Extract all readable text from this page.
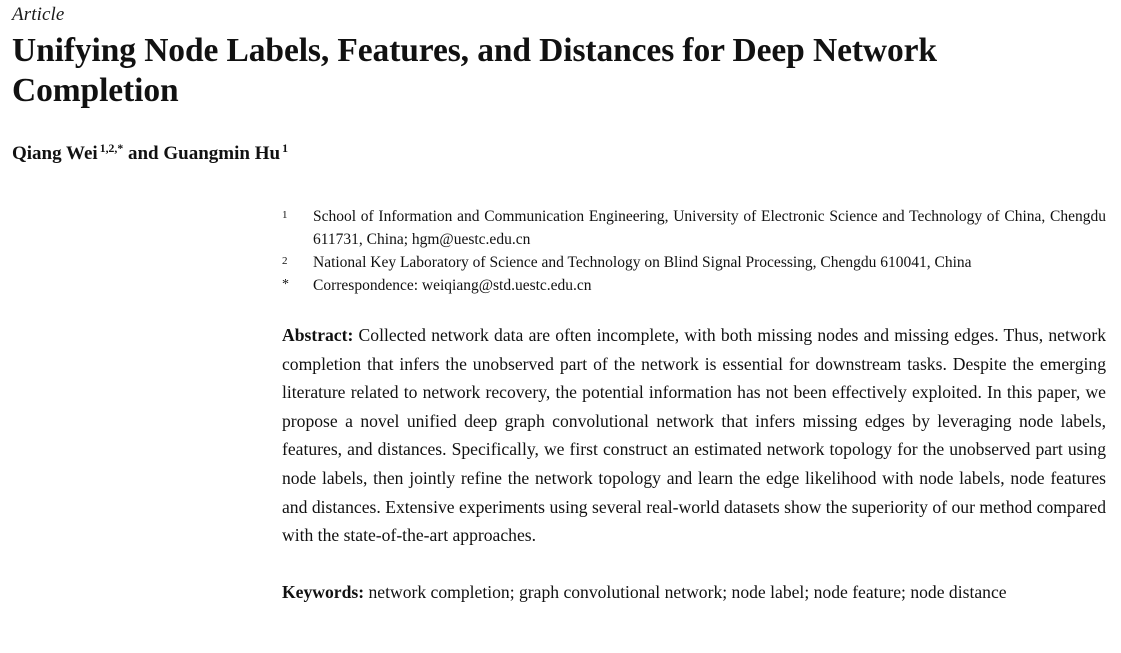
Article
Unifying Node Labels, Features, and Distances for Deep Network Completion
Qiang Wei $^{1,2,*}$ and Guangmin Hu $^1$
1	School of Information and Communication Engineering, University of Electronic Science and Technology of China, Chengdu 611731, China; hgm@uestc.edu.cn
2	National Key Laboratory of Science and Technology on Blind Signal Processing, Chengdu 610041, China
*	Correspondence: weiqiang@std.uestc.edu.cn
Abstract: Collected network data are often incomplete, with both missing nodes and missing edges. Thus, network completion that infers the unobserved part of the network is essential for downstream tasks. Despite the emerging literature related to network recovery, the potential information has not been effectively exploited. In this paper, we propose a novel unified deep graph convolutional network that infers missing edges by leveraging node labels, features, and distances. Specifically, we first construct an estimated network topology for the unobserved part using node labels, then jointly refine the network topology and learn the edge likelihood with node labels, node features and distances. Extensive experiments using several real-world datasets show the superiority of our method compared with the state-of-the-art approaches.
Keywords: network completion; graph convolutional network; node label; node feature; node distance
